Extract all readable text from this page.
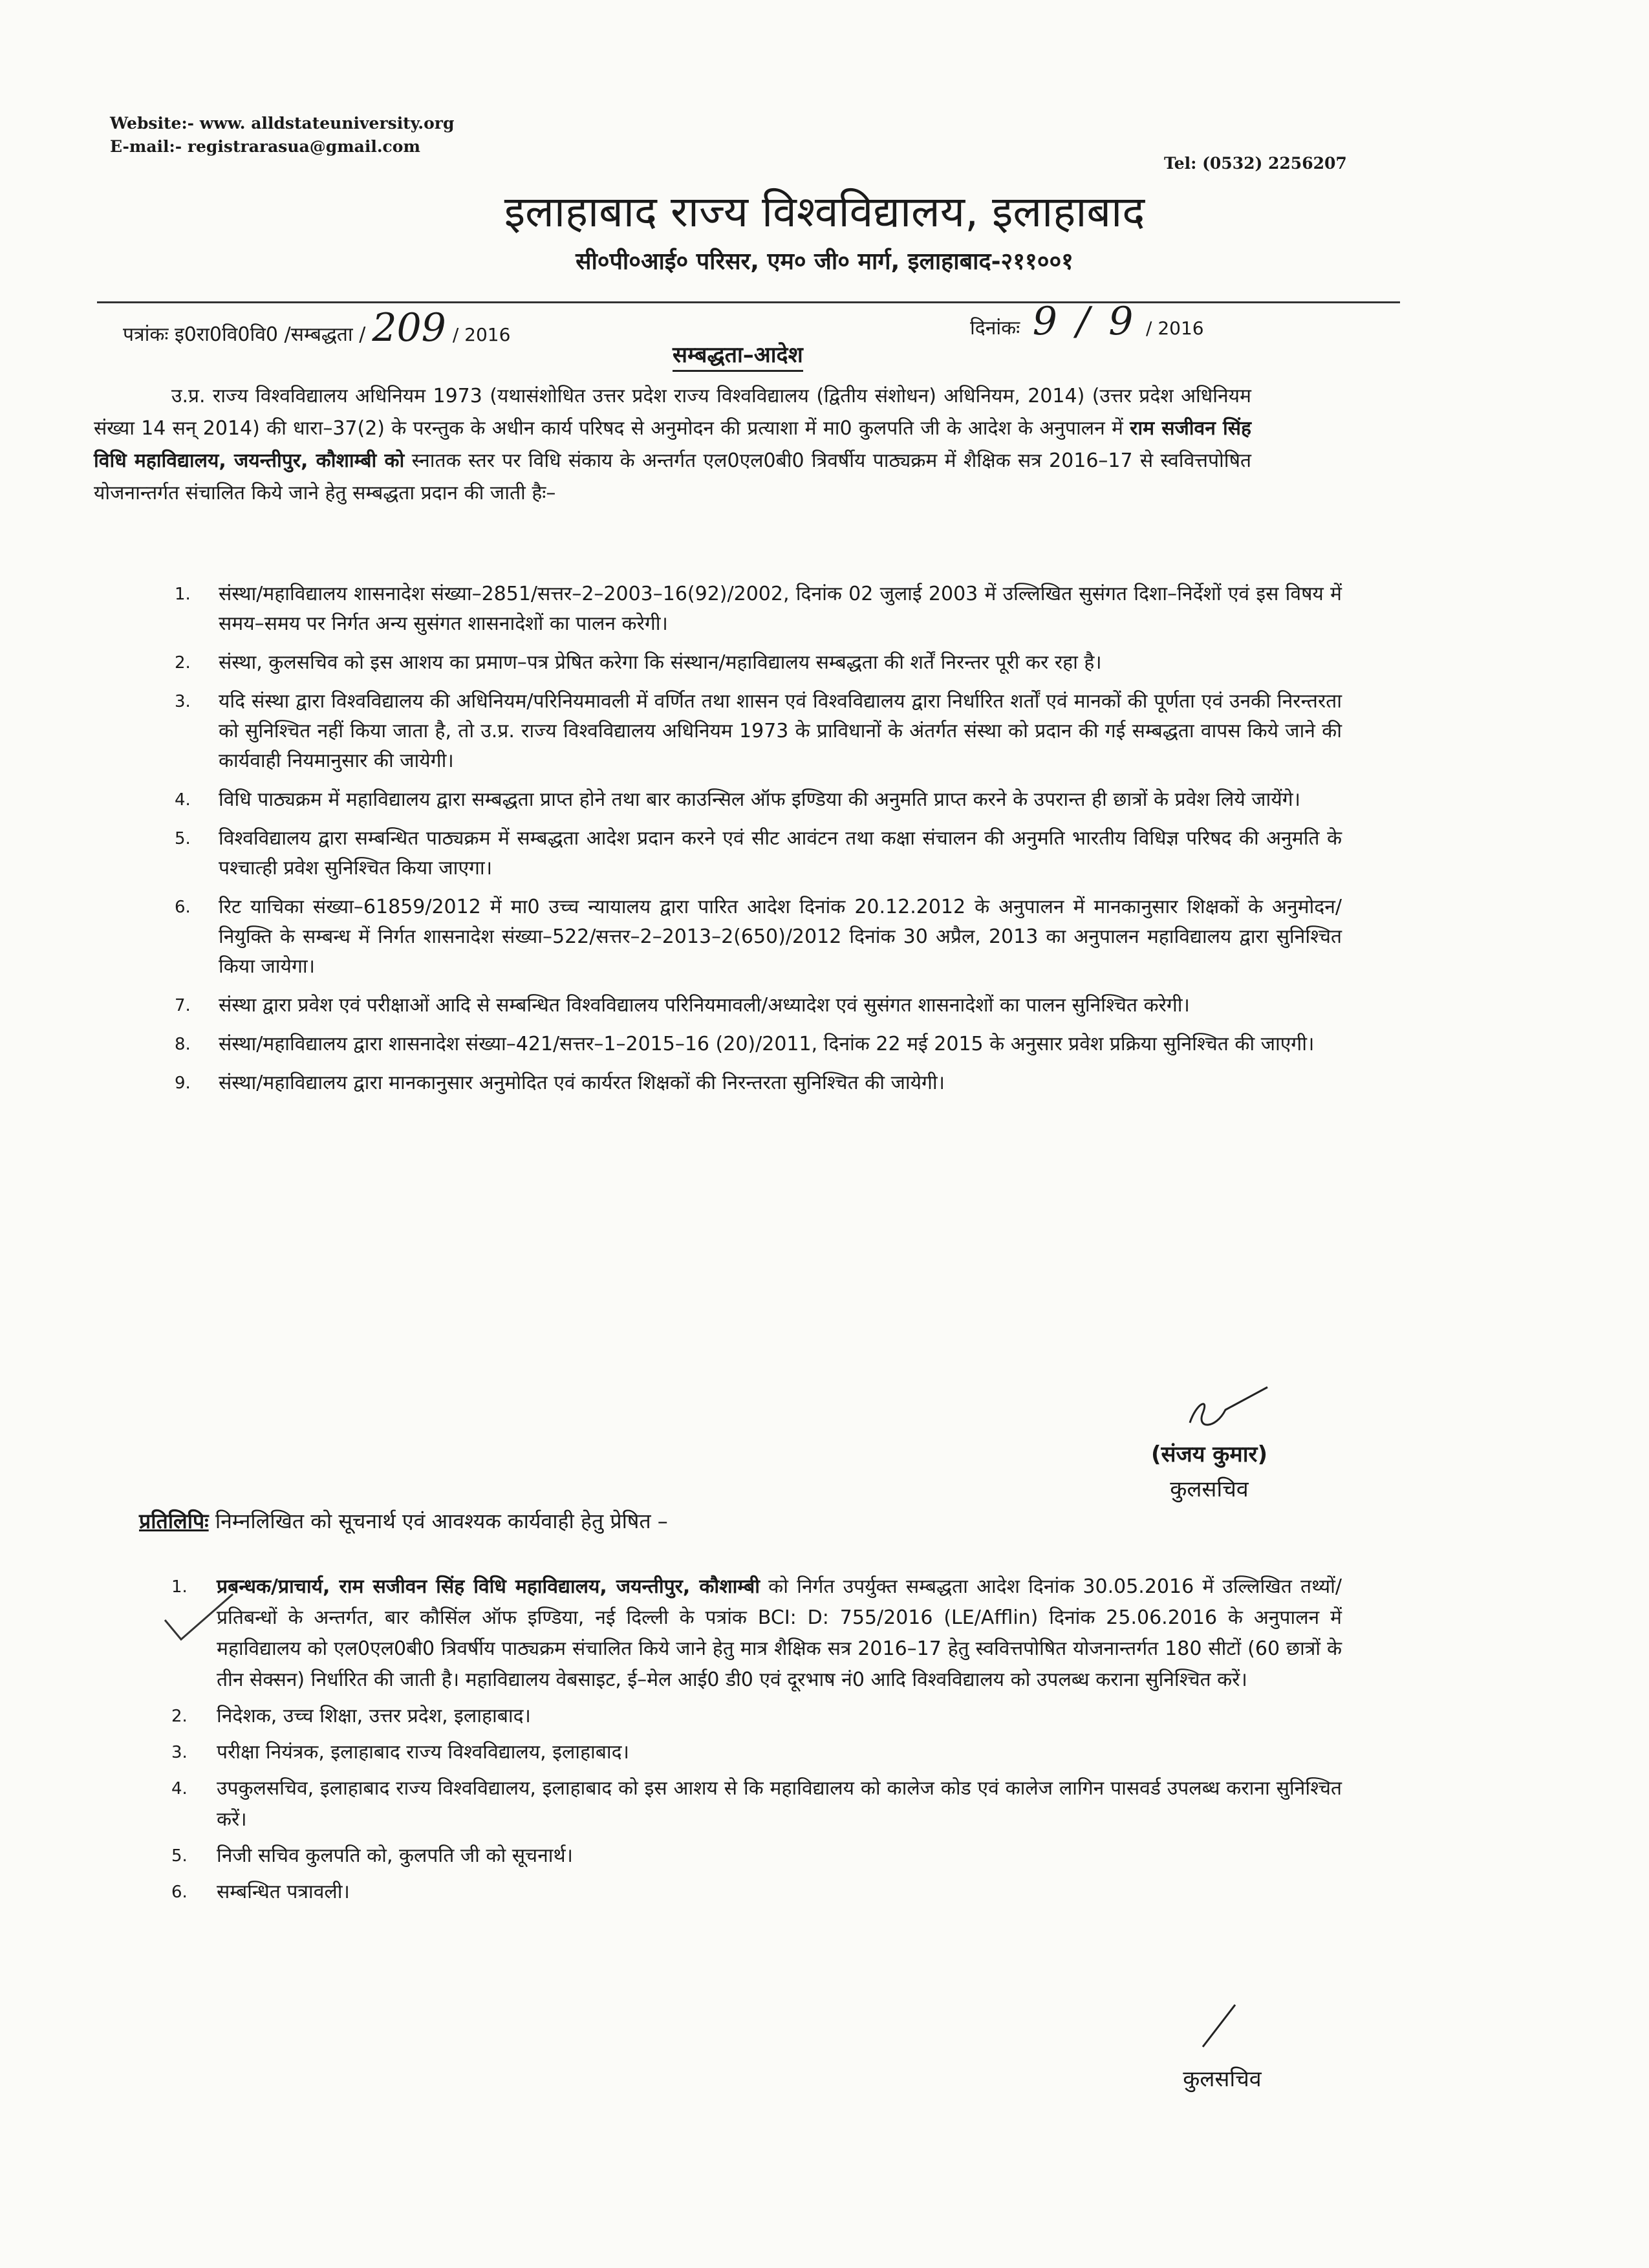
Website:- www. alldstateuniversity.org
E-mail:- registrarasua@gmail.com
Tel: (0532) 2256207
इलाहाबाद राज्य विश्वविद्यालय, इलाहाबाद
सी०पी०आई० परिसर, एम० जी० मार्ग, इलाहाबाद-२११००१
पत्रांकः इ0रा0वि0वि0 /सम्बद्धता / 209 / 2016	दिनांकः 9 / 9 / 2016
सम्बद्धता–आदेश
उ.प्र. राज्य विश्वविद्यालय अधिनियम 1973 (यथासंशोधित उत्तर प्रदेश राज्य विश्वविद्यालय (द्वितीय संशोधन) अधिनियम, 2014) (उत्तर प्रदेश अधिनियम संख्या 14 सन् 2014) की धारा–37(2) के परन्तुक के अधीन कार्य परिषद से अनुमोदन की प्रत्याशा में मा0 कुलपति जी के आदेश के अनुपालन में राम सजीवन सिंह विधि महाविद्यालय, जयन्तीपुर, कौशाम्बी को स्नातक स्तर पर विधि संकाय के अन्तर्गत एल0एल0बी0 त्रिवर्षीय पाठ्यक्रम में शैक्षिक सत्र 2016–17 से स्ववित्तपोषित योजनान्तर्गत संचालित किये जाने हेतु सम्बद्धता प्रदान की जाती हैः–
1. संस्था/महाविद्यालय शासनादेश संख्या–2851/सत्तर–2–2003–16(92)/2002, दिनांक 02 जुलाई 2003 में उल्लिखित सुसंगत दिशा–निर्देशों एवं इस विषय में समय–समय पर निर्गत अन्य सुसंगत शासनादेशों का पालन करेगी।
2. संस्था, कुलसचिव को इस आशय का प्रमाण–पत्र प्रेषित करेगा कि संस्थान/महाविद्यालय सम्बद्धता की शर्तें निरन्तर पूरी कर रहा है।
3. यदि संस्था द्वारा विश्वविद्यालय की अधिनियम/परिनियमावली में वर्णित तथा शासन एवं विश्वविद्यालय द्वारा निर्धारित शर्तों एवं मानकों की पूर्णता एवं उनकी निरन्तरता को सुनिश्चित नहीं किया जाता है, तो उ.प्र. राज्य विश्वविद्यालय अधिनियम 1973 के प्राविधानों के अंतर्गत संस्था को प्रदान की गई सम्बद्धता वापस किये जाने की कार्यवाही नियमानुसार की जायेगी।
4. विधि पाठ्यक्रम में महाविद्यालय द्वारा सम्बद्धता प्राप्त होने तथा बार काउन्सिल ऑफ इण्डिया की अनुमति प्राप्त करने के उपरान्त ही छात्रों के प्रवेश लिये जायेंगे।
5. विश्वविद्यालय द्वारा सम्बन्धित पाठ्यक्रम में सम्बद्धता आदेश प्रदान करने एवं सीट आवंटन तथा कक्षा संचालन की अनुमति भारतीय विधिज्ञ परिषद की अनुमति के पश्चात्ही प्रवेश सुनिश्चित किया जाएगा।
6. रिट याचिका संख्या–61859/2012 में मा0 उच्च न्यायालय द्वारा पारित आदेश दिनांक 20.12.2012 के अनुपालन में मानकानुसार शिक्षकों के अनुमोदन/नियुक्ति के सम्बन्ध में निर्गत शासनादेश संख्या–522/सत्तर–2–2013–2(650)/2012 दिनांक 30 अप्रैल, 2013 का अनुपालन महाविद्यालय द्वारा सुनिश्चित किया जायेगा।
7. संस्था द्वारा प्रवेश एवं परीक्षाओं आदि से सम्बन्धित विश्वविद्यालय परिनियमावली/अध्यादेश एवं सुसंगत शासनादेशों का पालन सुनिश्चित करेगी।
8. संस्था/महाविद्यालय द्वारा शासनादेश संख्या–421/सत्तर–1–2015–16 (20)/2011, दिनांक 22 मई 2015 के अनुसार प्रवेश प्रक्रिया सुनिश्चित की जाएगी।
9. संस्था/महाविद्यालय द्वारा मानकानुसार अनुमोदित एवं कार्यरत शिक्षकों की निरन्तरता सुनिश्चित की जायेगी।
(संजय कुमार)
कुलसचिव
प्रतिलिपिः निम्नलिखित को सूचनार्थ एवं आवश्यक कार्यवाही हेतु प्रेषित –
1. प्रबन्धक/प्राचार्य, राम सजीवन सिंह विधि महाविद्यालय, जयन्तीपुर, कौशाम्बी को निर्गत उपर्युक्त सम्बद्धता आदेश दिनांक 30.05.2016 में उल्लिखित तथ्यों/प्रतिबन्धों के अन्तर्गत, बार कौसिंल ऑफ इण्डिया, नई दिल्ली के पत्रांक BCI: D: 755/2016 (LE/Afflin) दिनांक 25.06.2016 के अनुपालन में महाविद्यालय को एल0एल0बी0 त्रिवर्षीय पाठ्यक्रम संचालित किये जाने हेतु मात्र शैक्षिक सत्र 2016–17 हेतु स्ववित्तपोषित योजनान्तर्गत 180 सीटों (60 छात्रों के तीन सेक्सन) निर्धारित की जाती है। महाविद्यालय वेबसाइट, ई–मेल आई0 डी0 एवं दूरभाष नं0 आदि विश्वविद्यालय को उपलब्ध कराना सुनिश्चित करें।
2. निदेशक, उच्च शिक्षा, उत्तर प्रदेश, इलाहाबाद।
3. परीक्षा नियंत्रक, इलाहाबाद राज्य विश्वविद्यालय, इलाहाबाद।
4. उपकुलसचिव, इलाहाबाद राज्य विश्वविद्यालय, इलाहाबाद को इस आशय से कि महाविद्यालय को कालेज कोड एवं कालेज लागिन पासवर्ड उपलब्ध कराना सुनिश्चित करें।
5. निजी सचिव कुलपति को, कुलपति जी को सूचनार्थ।
6. सम्बन्धित पत्रावली।
कुलसचिव
